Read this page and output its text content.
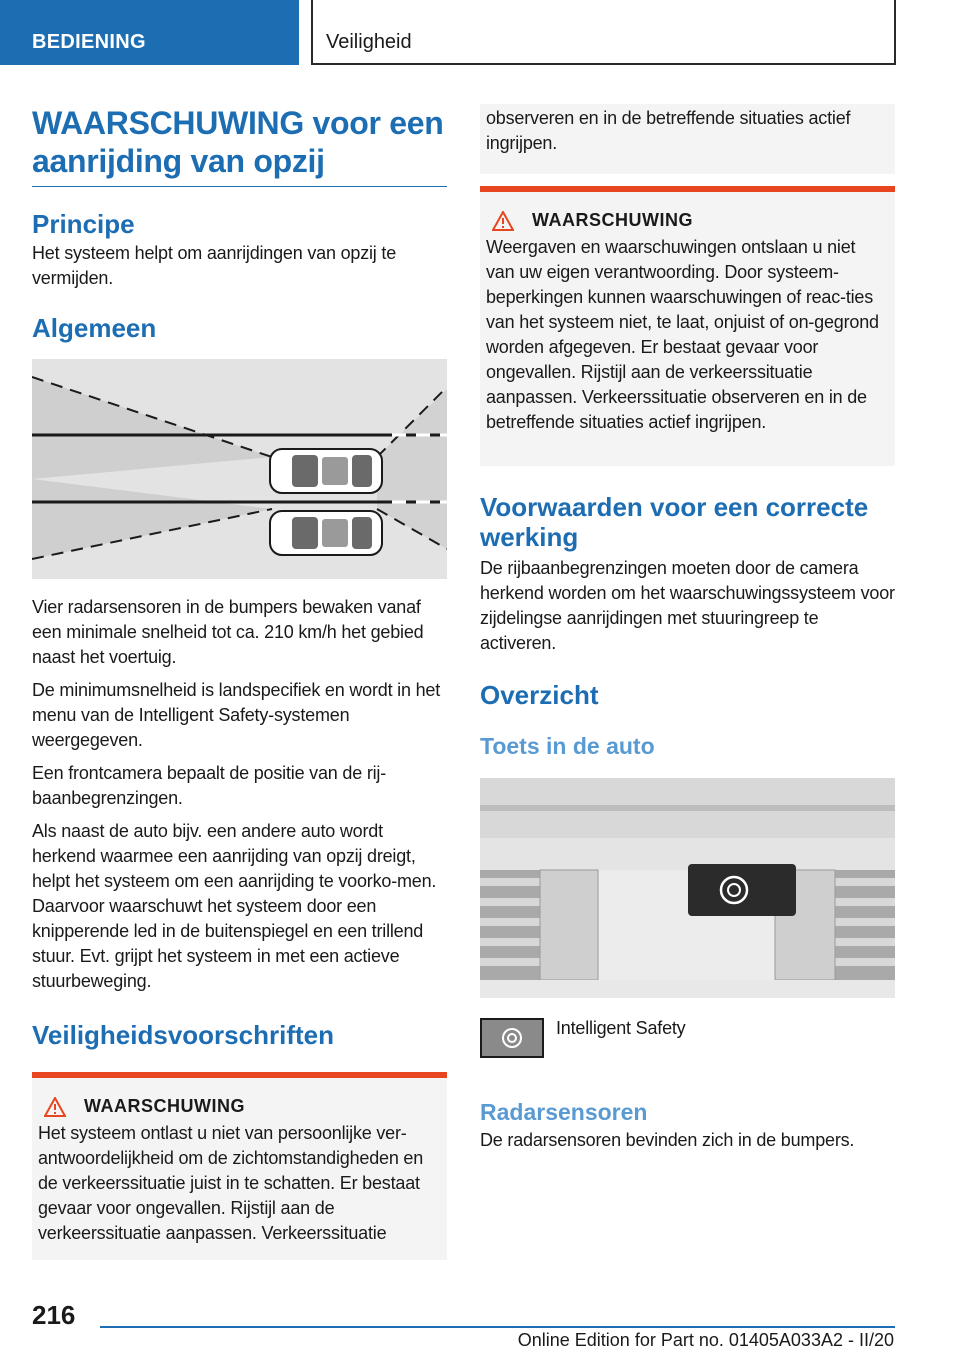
BEDIENING	Veiligheid
WAARSCHUWING voor een aanrijding van opzij
Principe

Het systeem helpt om aanrijdingen van opzij te vermijden.

Algemeen

Vier radarsensoren in de bumpers bewaken vanaf een minimale snelheid tot ca. 210 km/h het gebied naast het voertuig.

De minimumsnelheid is landspecifiek en wordt in het menu van de Intelligent Safety-systemen weergegeven.

Een frontcamera bepaalt de positie van de rij-baanbegrenzingen.

Als naast de auto bijv. een andere auto wordt herkend waarmee een aanrijding van opzij dreigt, helpt het systeem om een aanrijding te voorko-men. Daarvoor waarschuwt het systeem door een knipperende led in de buitenspiegel en een trillend stuur. Evt. grijpt het systeem in met een actieve stuurbeweging.

Veiligheidsvoorschriften
WAARSCHUWING

Het systeem ontlast u niet van persoonlijke ver-antwoordelijkheid om de zichtomstandigheden en de verkeerssituatie juist in te schatten. Er bestaat gevaar voor ongevallen. Rijstijl aan de verkeerssituatie aanpassen. Verkeerssituatie

observeren en in de betreffende situaties actief ingrijpen.

WAARSCHUWING

Weergaven en waarschuwingen ontslaan u niet van uw eigen verantwoording. Door systeem-beperkingen kunnen waarschuwingen of reac-ties van het systeem niet, te laat, onjuist of on-gegrond worden afgegeven. Er bestaat gevaar voor ongevallen. Rijstijl aan de verkeerssituatie aanpassen. Verkeerssituatie observeren en in de betreffende situaties actief ingrijpen.

Voorwaarden voor een correcte werking

De rijbaanbegrenzingen moeten door de camera herkend worden om het waarschuwingssysteem voor zijdelingse aanrijdingen met stuuringreep te activeren.

Overzicht
Toets in de auto

Intelligent Safety

Radarsensoren

De radarsensoren bevinden zich in de bumpers.

216
Online Edition for Part no. 01405A033A2 - II/20
